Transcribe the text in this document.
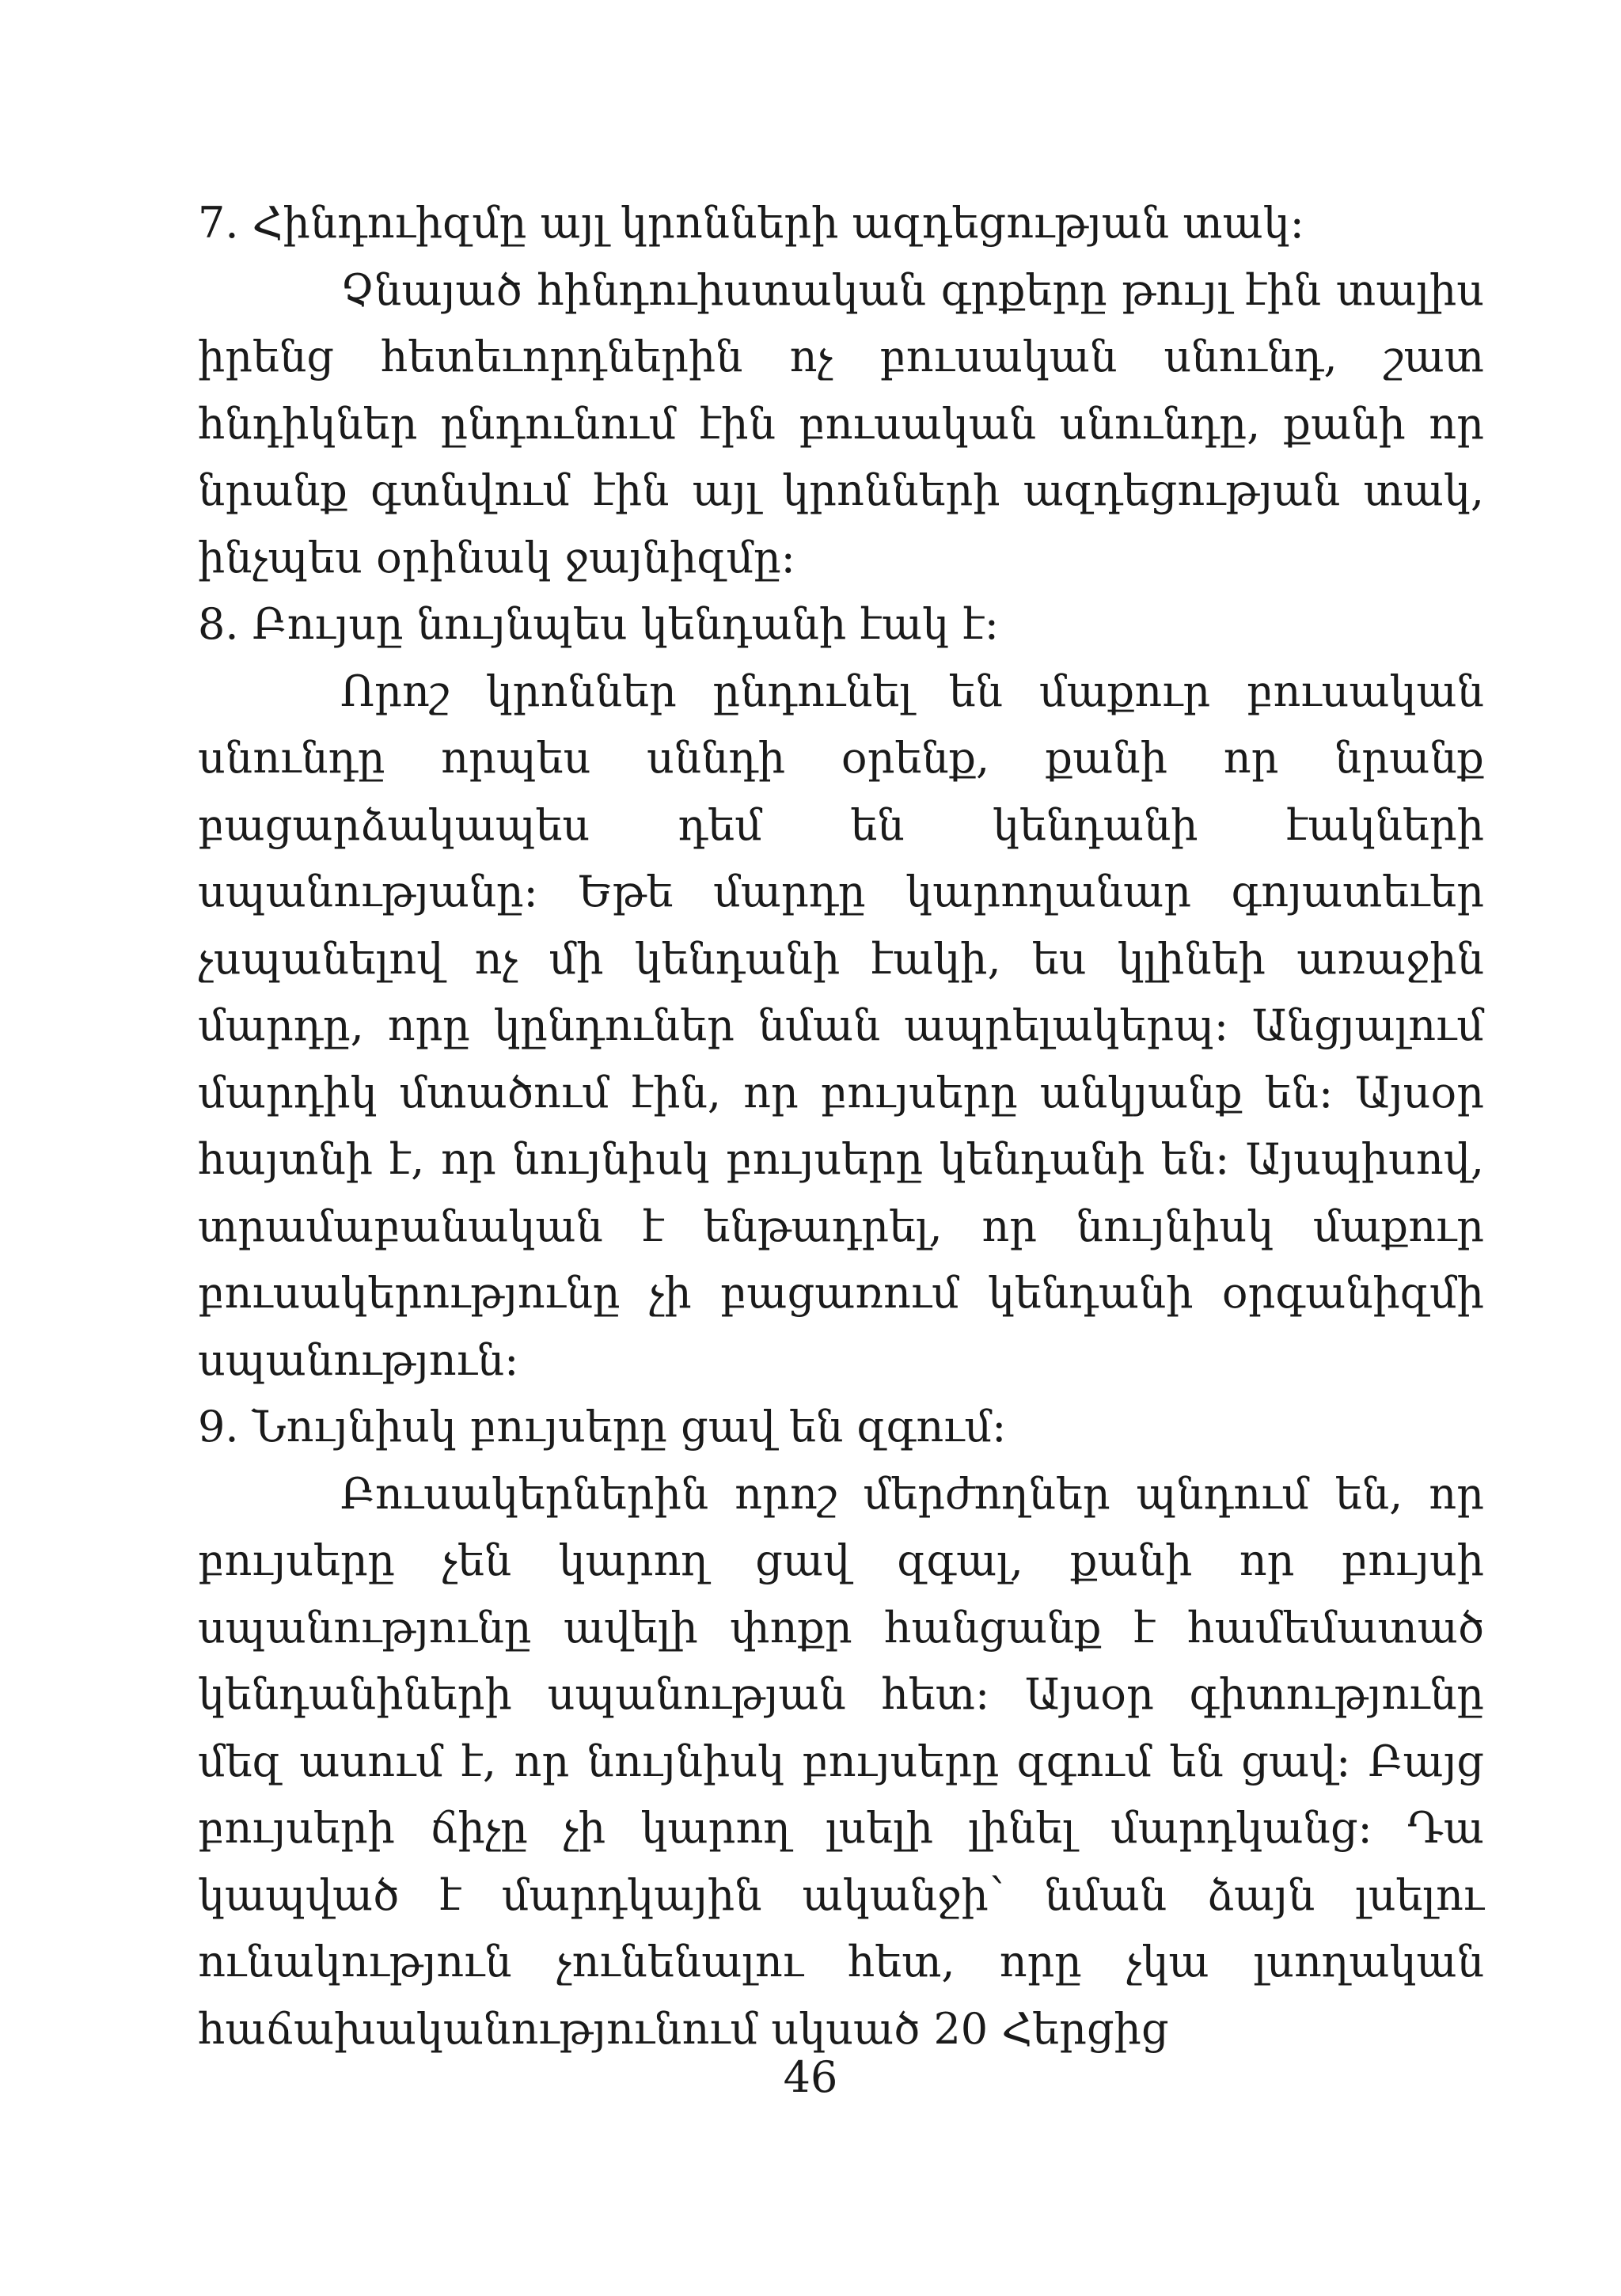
7. Հինդուիզմը այլ կրոնների ազդեցության տակ:

Չնայած հինդուիստական գրքերը թույլ էին տալիս իրենց հետեւորդներին ոչ բուսական սնունդ, շատ հնդիկներ ընդունում էին բուսական սնունդը, քանի որ նրանք գտնվում էին այլ կրոնների ազդեցության տակ, ինչպես օրինակ ջայնիզմը:

8. Բույսը նույնպես կենդանի էակ է:

Որոշ կրոններ ընդունել են մաքուր բուսական սնունդը որպես սննդի օրենք, քանի որ նրանք բացարձակապես դեմ են կենդանի էակների սպանությանը: Եթե մարդը կարողանար գոյատեւեր չսպանելով ոչ մի կենդանի էակի, ես կլինեի առաջին մարդը, որը կընդուներ նման ապրելակերպ: Անցյալում մարդիկ մտածում էին, որ բույսերը անկյանք են: Այսօր հայտնի է, որ նույնիսկ բույսերը կենդանի են: Այսպիսով, տրամաբանական է ենթադրել, որ նույնիսկ մաքուր բուսակերությունը չի բացառում կենդանի օրգանիզմի սպանություն:

9. Նույնիսկ բույսերը ցավ են զգում:

Բուսակերներին որոշ մերժողներ պնդում են, որ բույսերը չեն կարող ցավ զգալ, քանի որ բույսի սպանությունը ավելի փոքր հանցանք է համեմատած կենդանիների սպանության հետ: Այսօր գիտությունը մեզ ասում է, որ նույնիսկ բույսերը զգում են ցավ: Բայց բույսերի ճիչը չի կարող լսելի լինել մարդկանց: Դա կապված է մարդկային ականջի՝ նման ձայն լսելու ունակություն չունենալու հետ, որը չկա լսողական հաճախականությունում սկսած 20 Հերցից

46
